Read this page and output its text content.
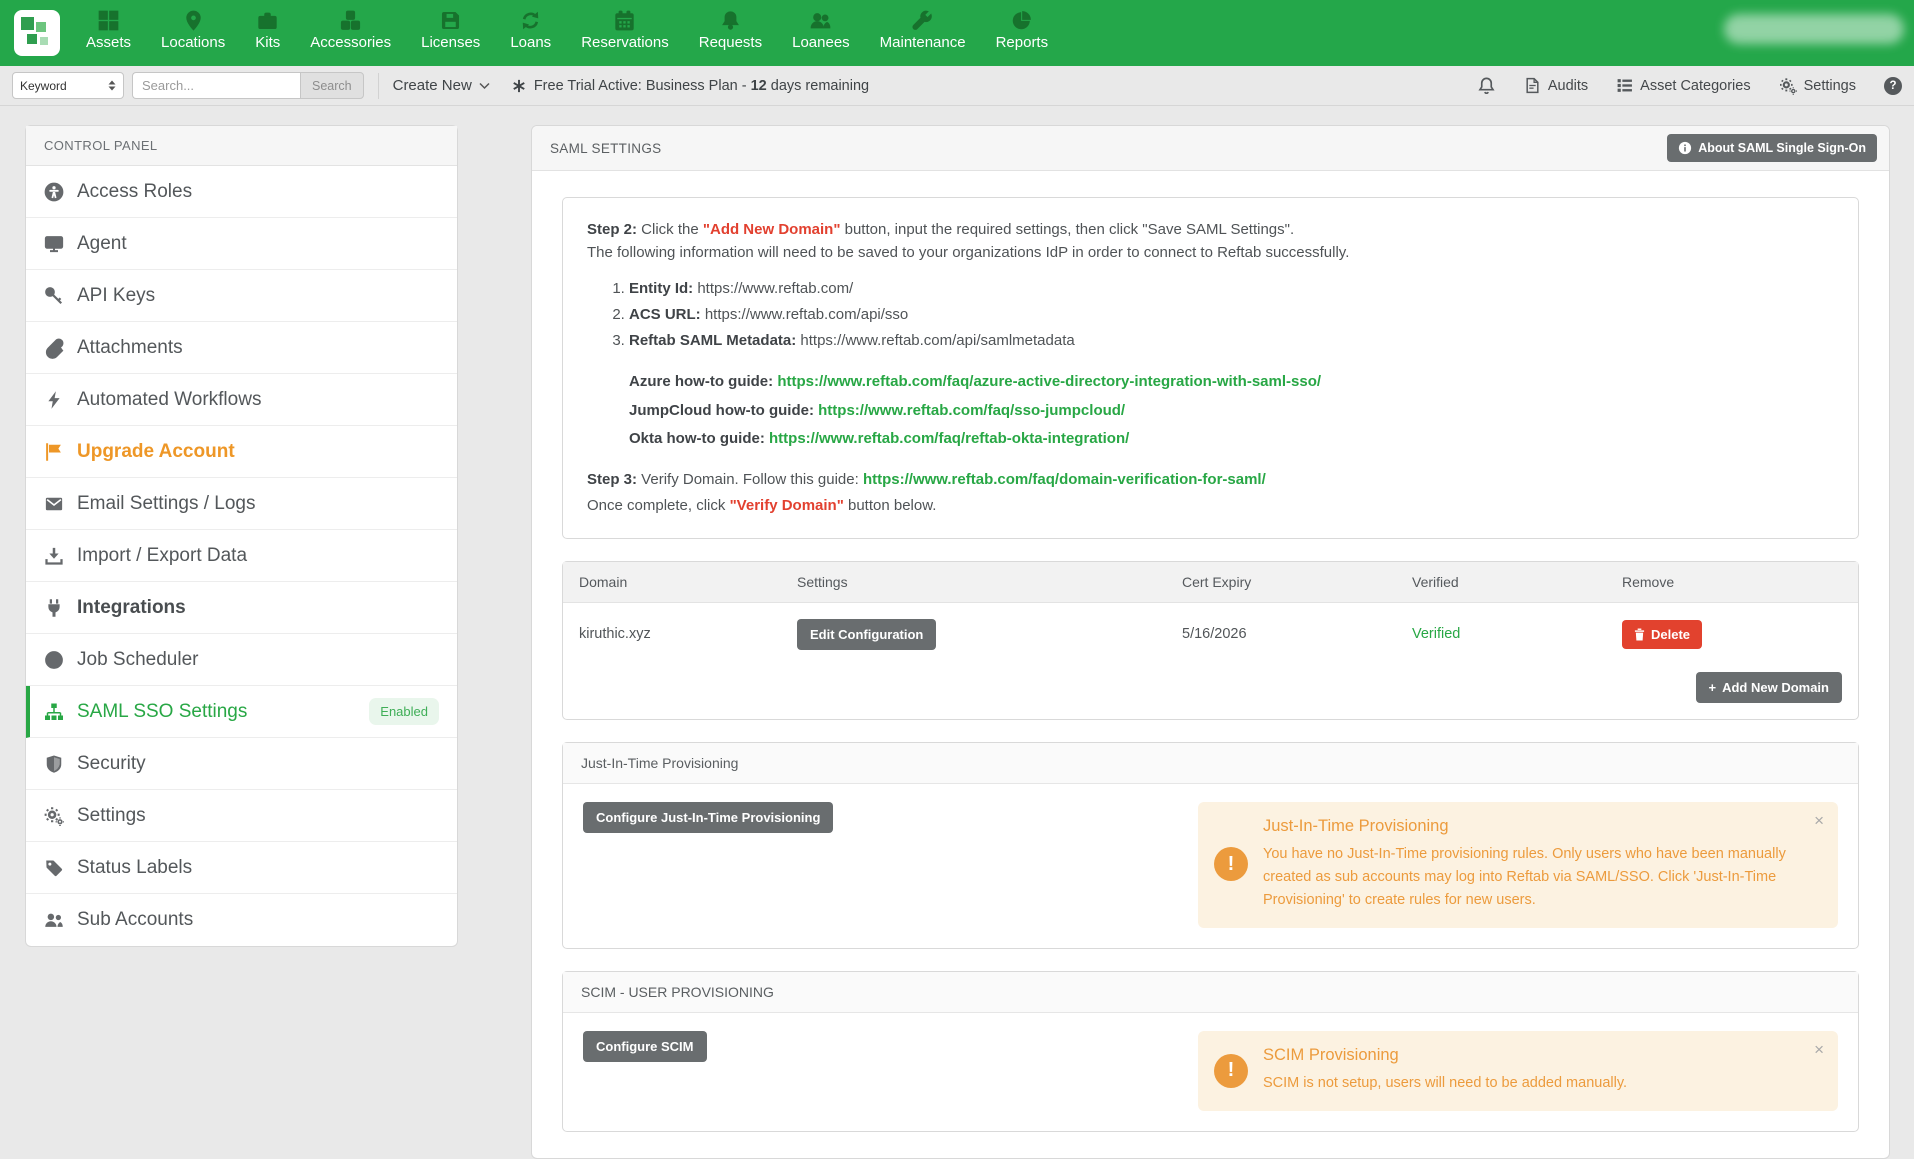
Assets Locations Kits Accessories Licenses Loans Reservations Requests Loanees Maintenance Reports
Keyword
Search...	Search	Create New	Free Trial Active: Business Plan - 12 days remaining	Audits	Asset Categories	Settings	?
CONTROL PANEL
Access Roles
Agent
API Keys
Attachments
Automated Workflows
Upgrade Account
Email Settings / Logs
Import / Export Data
Integrations
Job Scheduler
SAML SSO Settings	Enabled
Security
Settings
Status Labels
Sub Accounts
SAML SETTINGS	About SAML Single Sign-On
Step 2: Click the "Add New Domain" button, input the required settings, then click "Save SAML Settings".
The following information will need to be saved to your organizations IdP in order to connect to Reftab successfully.
1. Entity Id: https://www.reftab.com/
2. ACS URL: https://www.reftab.com/api/sso
3. Reftab SAML Metadata: https://www.reftab.com/api/samlmetadata
Azure how-to guide: https://www.reftab.com/faq/azure-active-directory-integration-with-saml-sso/
JumpCloud how-to guide: https://www.reftab.com/faq/sso-jumpcloud/
Okta how-to guide: https://www.reftab.com/faq/reftab-okta-integration/
Step 3: Verify Domain. Follow this guide: https://www.reftab.com/faq/domain-verification-for-saml/
Once complete, click "Verify Domain" button below.
Domain	Settings	Cert Expiry	Verified	Remove
kiruthic.xyz	Edit Configuration	5/16/2026	Verified	Delete
+ Add New Domain
Just-In-Time Provisioning
Configure Just-In-Time Provisioning
!
Just-In-Time Provisioning
You have no Just-In-Time provisioning rules. Only users who have been manually created as sub accounts may log into Reftab via SAML/SSO. Click 'Just-In-Time Provisioning' to create rules for new users.
×
SCIM - USER PROVISIONING
Configure SCIM
!
SCIM Provisioning
SCIM is not setup, users will need to be added manually.
×
